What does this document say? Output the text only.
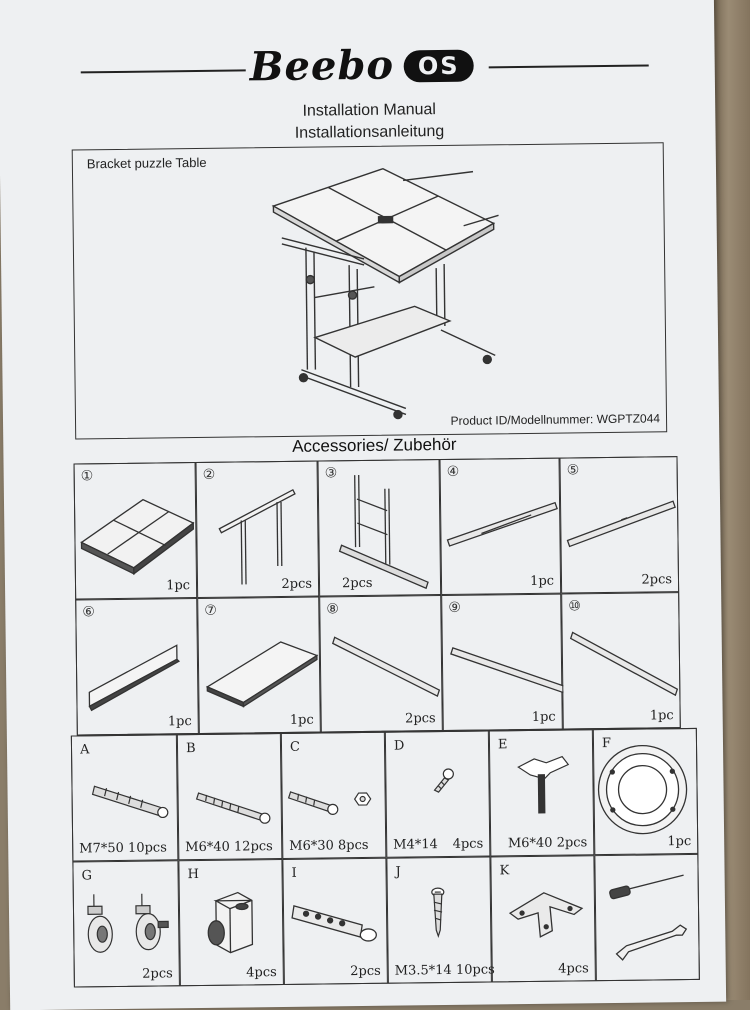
Beebo OS
Installation Manual
Installationsanleitung
Bracket puzzle Table
Product ID/Modellnummer: WGPTZ044
Accessories/ Zubehör
①
1pc
②
2pcs
③
2pcs
④
1pc
⑤
2pcs
⑥
1pc
⑦
1pc
⑧
2pcs
⑨
1pc
⑩
1pc
A
M7*50 10pcs
B
M6*40 12pcs
C
M6*30 8pcs
D
M4*14 4pcs
E
M6*40 2pcs
F
1pc
G
2pcs
H
4pcs
I
2pcs
J
M3.5*14 10pcs
K
4pcs
